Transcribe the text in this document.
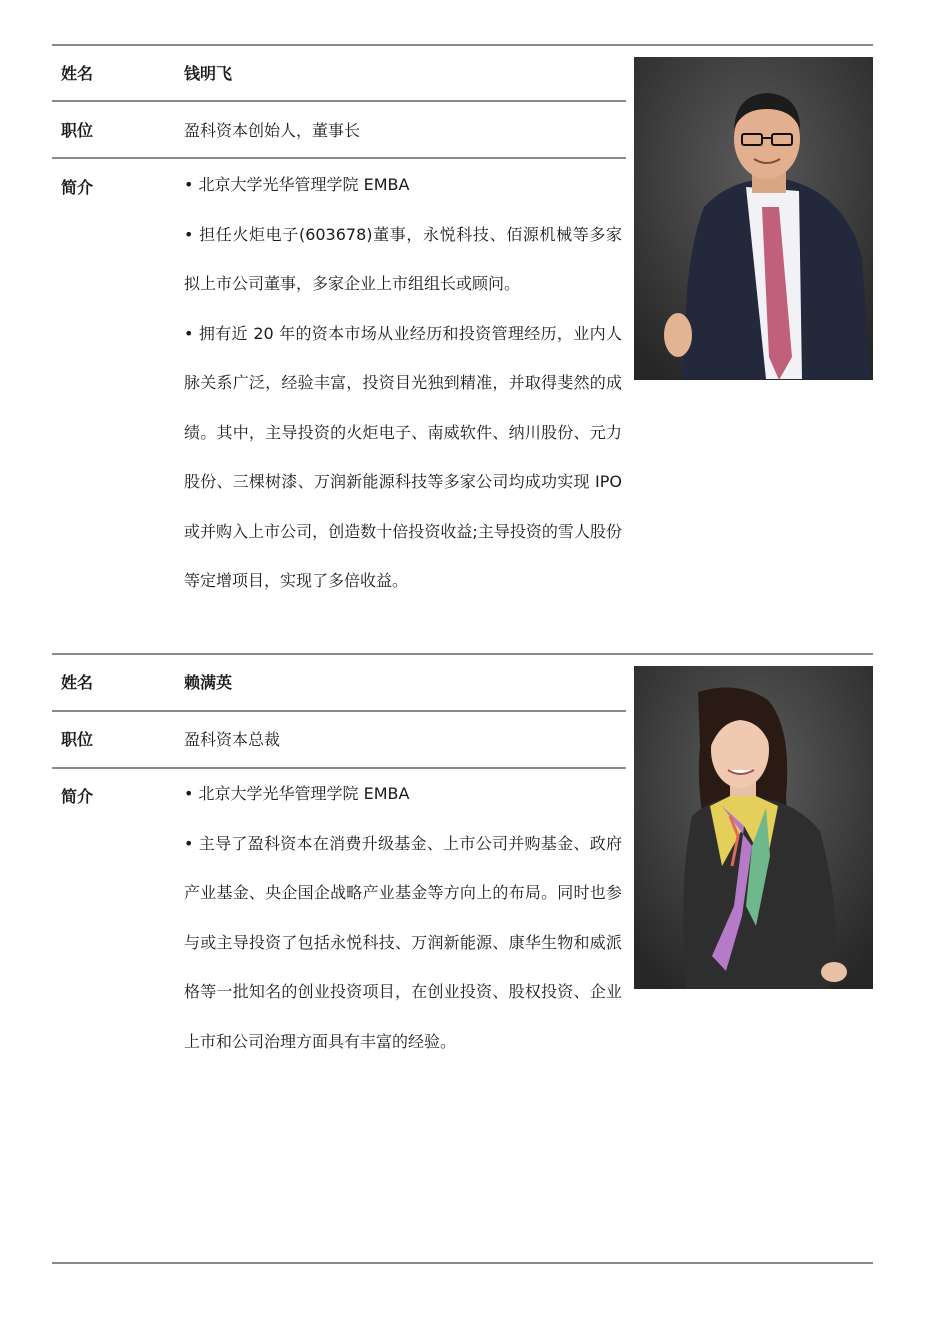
姓名	钱明飞
职位	盈科资本创始人，董事长
简介	• 北京大学光华管理学院 EMBA

• 担任火炬电子(603678)董事，永悦科技、佰源机械等多家拟上市公司董事，多家企业上市组组长或顾问。

• 拥有近 20 年的资本市场从业经历和投资管理经历，业内人脉关系广泛，经验丰富，投资目光独到精准，并取得斐然的成绩。其中，主导投资的火炬电子、南威软件、纳川股份、元力股份、三棵树漆、万润新能源科技等多家公司均成功实现 IPO 或并购入上市公司，创造数十倍投资收益;主导投资的雪人股份等定增项目，实现了多倍收益。

姓名	赖满英
职位	盈科资本总裁
简介	• 北京大学光华管理学院 EMBA

• 主导了盈科资本在消费升级基金、上市公司并购基金、政府产业基金、央企国企战略产业基金等方向上的布局。同时也参与或主导投资了包括永悦科技、万润新能源、康华生物和威派格等一批知名的创业投资项目，在创业投资、股权投资、企业上市和公司治理方面具有丰富的经验。
